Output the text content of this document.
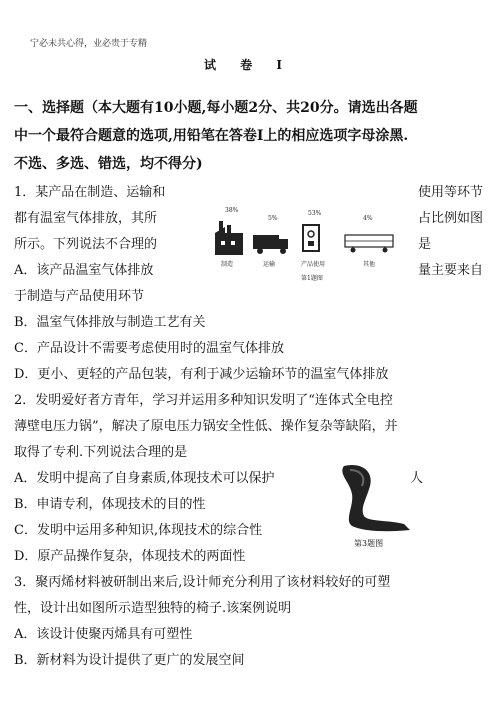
宁必未共心得，业必贵于专精
试 卷 Ⅰ
一、选择题（本大题有10小题,每小题2分、共20分。请选出各题
中一个最符合题意的选项,用铅笔在答卷Ⅰ上的相应选项字母涂黑.
不选、多选、错选，均不得分)
1．某产品在制造、运输和	使用等环节
都有温室气体排放，其所	占比例如图
所示。下列说法不合理的	是
A．该产品温室气体排放	量主要来自
于制造与产品使用环节
B．温室气体排放与制造工艺有关
C．产品设计不需要考虑使用时的温室气体排放
D．更小、更轻的产品包装，有利于减少运输环节的温室气体排放
38%
5%
53%
4%
制造	运输	产品使用	其他
第1题图
2．发明爱好者方青年，学习并运用多种知识发明了“连体式全电控
薄壁电压力锅”，解决了原电压力锅安全性低、操作复杂等缺陷，并
取得了专利.下列说法合理的是
A．发明中提高了自身素质,体现技术可以保护	人
B．申请专利，体现技术的目的性
C．发明中运用多种知识,体现技术的综合性
D．原产品操作复杂，体现技术的两面性
第3题图
3．聚丙烯材料被研制出来后,设计师充分利用了该材料较好的可塑
性，设计出如图所示造型独特的椅子.该案例说明
A．该设计使聚丙烯具有可塑性
B．新材料为设计提供了更广的发展空间
